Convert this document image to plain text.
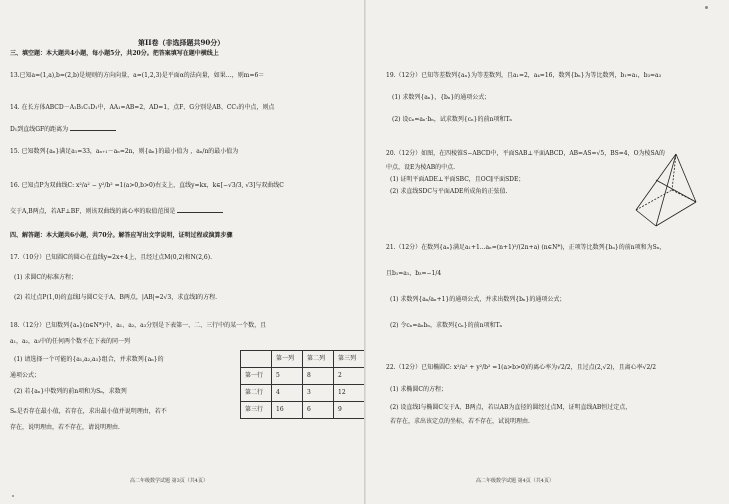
第II卷（非选择题共90分）
三、填空题：本大题共4小题，每小题5分，共20分。把答案填写在题中横线上
13.已知a=(1,a),b=(2,b)是规则的方向向量，a=(1,2,3)是平面α的法向量，如果…，则m=6＝
14. 在长方体ABCD－A₁B₁C₁D₁中，AA₁=AB=2，AD=1，点F、G分别是AB、CC₁的中点，则点
D₁到直线GF的距离为
15. 已知数列{aₙ}满足a₁=33，aₙ₊₁－aₙ=2n，则{aₙ}的最小值为 ，aₙ/n的最小值为
16. 已知点P为双曲线C: x²/a² − y²/b² =1(a>0,b>0)右支上，直线y=kx，k∈[−√3/3, √3]与双曲线C
交于A,B两点，若AF⊥BF，则该双曲线的离心率的取值范围是
四、解答题：本大题共6小题，共70分。解答应写出文字说明，证明过程或演算步骤
17.（10分）已知圆C的圆心在直线y=2x+4上，且经过点M(0,2)和N(2,6).
(1) 求圆C的标准方程；
(2) 若过点P(1,0)的直线l与圆C交于A、B两点，|AB|=2√3，求直线l的方程.
18.（12分）已知数列{aₙ}(n∈N*)中，a₁，a₂，a₃分别是下表第一、二、三行中的某一个数，且
a₁，a₂，a₃中的任何两个数不在下表的同一列
(1) 请选择一个可能的{a₁,a₂,a₃}组合，并求数列{aₙ}的
通项公式；
(2) 若{aₙ}中数列的前n项和为Sₙ，求数列
Sₙ是否存在最小值，若存在，求出最小值并说明理由，若不
存在，说明理由，若不存在，请说明理由.
	第一列	第二列	第三列
第一行	5	8	2
第二行	4	3	12
第三行	16	6	9
高二年级数学试题 第3页（共4页）
19.（12分）已知等差数列{aₙ}为等差数列，且a₁=2，a₄=16，数列{bₙ}为等比数列，b₁=a₁，b₃=a₃
(1) 求数列{aₙ}，{bₙ}的通项公式；
(2) 设cₙ=aₙ·bₙ，试求数列{cₙ}的前n项和Tₙ
20.（12分）如图，在四棱锥S−ABCD中，平面SAB⊥平面ABCD，AB=AS=√5，BS=4，O为棱SA的
中点，设E为棱AB的中点.
(1) 证明平面ADE⊥平面SBC，且OC∥平面SDE；
(2) 求直线SDC与平面ADE所成角的正弦值.
21.（12分）在数列{aₙ}满足a₁+1...aₙ=(n+1)²/(2n+a) (n∈N*)，正项等比数列{bₙ}的前n项和为Sₙ，
且b₁=a₁，b₃=−1/4
(1) 求数列{aₙ/aₙ+1}的通项公式，并求出数列{bₙ}的通项公式；
(2) 令cₙ=aₙbₙ，求数列{cₙ}的前n项和Tₙ
22.（12分）已知椭圆C: x²/a² + y²/b² =1(a>b>0)的离心率为√2/2，且过点(2,√2)，且离心率√2/2
(1) 求椭圆C的方程；
(2) 设直线l与椭圆C交于A、B两点，若以AB为直径的圆经过点M，证明直线AB恒过定点，
若存在，求出该定点的坐标，若不存在，试说明理由.
高二年级数学试题 第4页（共4页）
